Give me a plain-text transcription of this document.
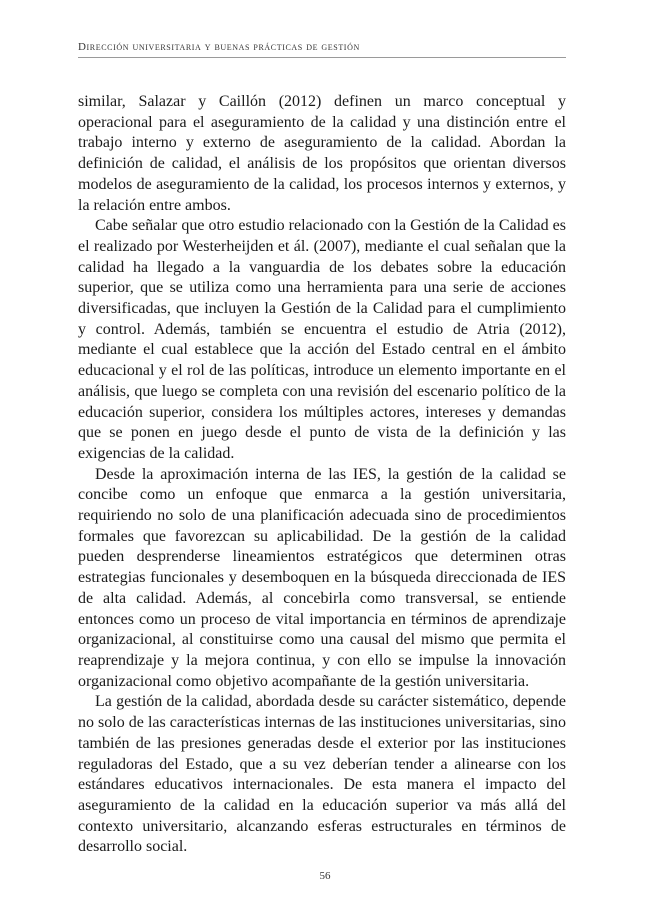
Dirección universitaria y buenas prácticas de gestión

similar, Salazar y Caillón (2012) definen un marco conceptual y operacional para el aseguramiento de la calidad y una distinción entre el trabajo interno y externo de aseguramiento de la calidad. Abordan la definición de calidad, el análisis de los propósitos que orientan diversos modelos de aseguramiento de la calidad, los procesos internos y externos, y la relación entre ambos.

Cabe señalar que otro estudio relacionado con la Gestión de la Calidad es el realizado por Westerheijden et ál. (2007), mediante el cual señalan que la calidad ha llegado a la vanguardia de los debates sobre la educación superior, que se utiliza como una herramienta para una serie de acciones diversificadas, que incluyen la Gestión de la Calidad para el cumplimiento y control. Además, también se encuentra el estudio de Atria (2012), mediante el cual establece que la acción del Estado central en el ámbito educacional y el rol de las políticas, introduce un elemento importante en el análisis, que luego se completa con una revisión del escenario político de la educación superior, considera los múltiples actores, intereses y demandas que se ponen en juego desde el punto de vista de la definición y las exigencias de la calidad.

Desde la aproximación interna de las IES, la gestión de la calidad se concibe como un enfoque que enmarca a la gestión universitaria, requiriendo no solo de una planificación adecuada sino de procedimientos formales que favorezcan su aplicabilidad. De la gestión de la calidad pueden desprenderse lineamientos estratégicos que determinen otras estrategias funcionales y desemboquen en la búsqueda direccionada de IES de alta calidad. Además, al concebirla como transversal, se entiende entonces como un proceso de vital importancia en términos de aprendizaje organizacional, al constituirse como una causal del mismo que permita el reaprendizaje y la mejora continua, y con ello se impulse la innovación organizacional como objetivo acompañante de la gestión universitaria.

La gestión de la calidad, abordada desde su carácter sistemático, depende no solo de las características internas de las instituciones universitarias, sino también de las presiones generadas desde el exterior por las instituciones reguladoras del Estado, que a su vez deberían tender a alinearse con los estándares educativos internacionales. De esta manera el impacto del aseguramiento de la calidad en la educación superior va más allá del contexto universitario, alcanzando esferas estructurales en términos de desarrollo social.

56
